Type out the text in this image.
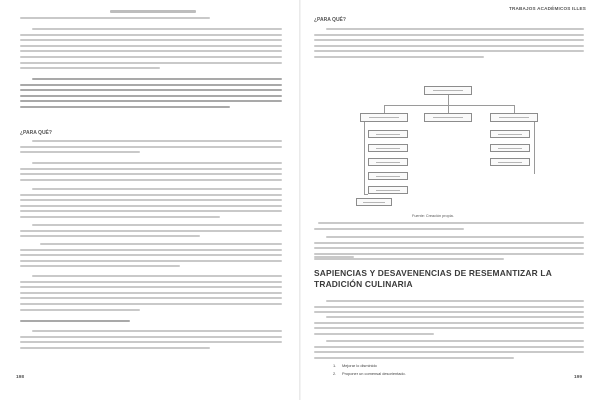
¿PARA QUÉ?
198
TRABAJOS ACADÉMICOS ILLES
¿PARA QUÉ?
Fuente: Creación propia.
SAPIENCIAS Y DESAVENENCIAS DE RESEMANTIZAR LA TRADICIÓN CULINARIA
1. Mejorar lo disminido
2. Proponer un comensal desorientado.
199
